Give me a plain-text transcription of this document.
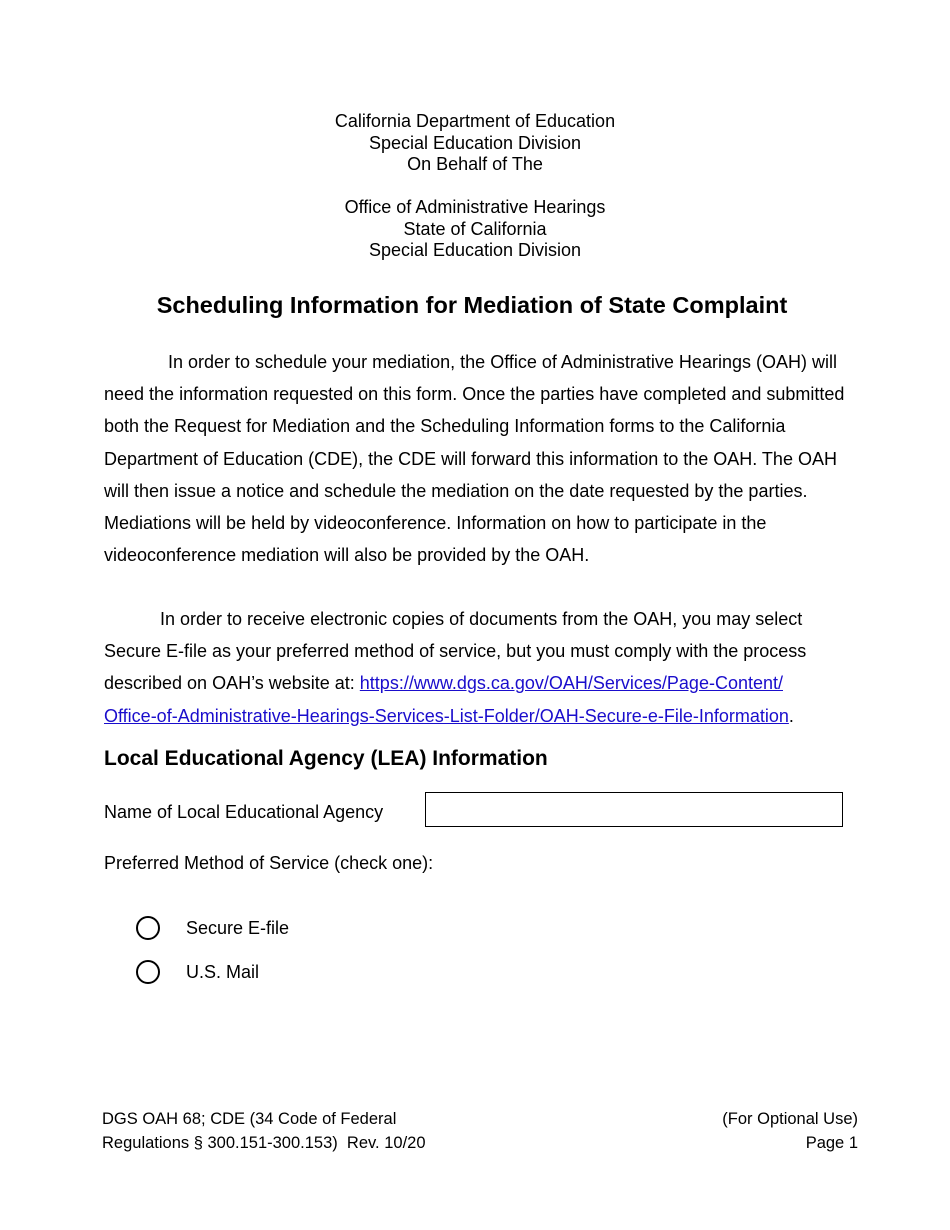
California Department of Education
Special Education Division
On Behalf of The
Office of Administrative Hearings
State of California
Special Education Division
Scheduling Information for Mediation of State Complaint

In order to schedule your mediation, the Office of Administrative Hearings (OAH) will need the information requested on this form. Once the parties have completed and submitted both the Request for Mediation and the Scheduling Information forms to the California Department of Education (CDE), the CDE will forward this information to the OAH. The OAH will then issue a notice and schedule the mediation on the date requested by the parties. Mediations will be held by videoconference. Information on how to participate in the videoconference mediation will also be provided by the OAH.

In order to receive electronic copies of documents from the OAH, you may select Secure E-file as your preferred method of service, but you must comply with the process described on OAH’s website at: https://www.dgs.ca.gov/OAH/Services/Page-Content/
Office-of-Administrative-Hearings-Services-List-Folder/OAH-Secure-e-File-Information.

Local Educational Agency (LEA) Information
Name of Local Educational Agency
Preferred Method of Service (check one):
Secure E-file
U.S. Mail
DGS OAH 68; CDE (34 Code of Federal
Regulations § 300.151-300.153)  Rev. 10/20
(For Optional Use)
Page 1
